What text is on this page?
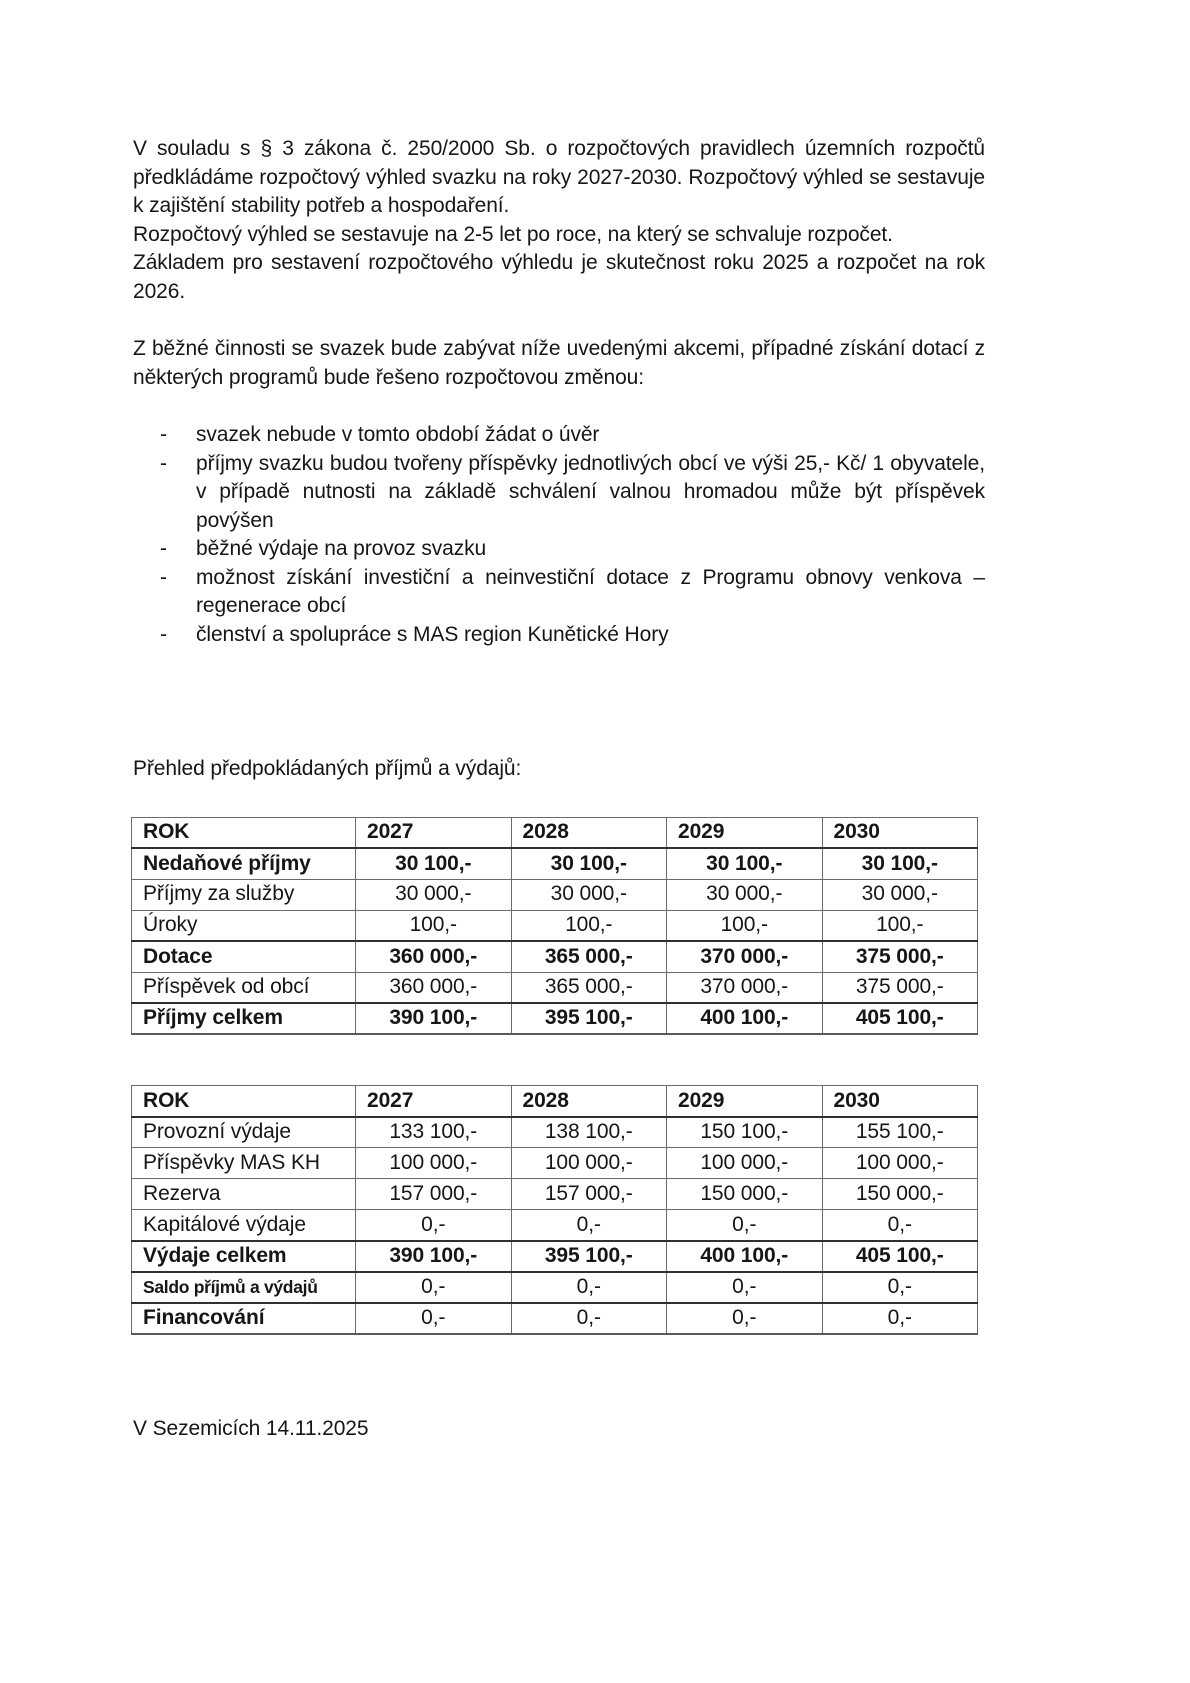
V souladu s § 3 zákona č. 250/2000 Sb. o rozpočtových pravidlech územních rozpočtů předkládáme rozpočtový výhled svazku na roky 2027-2030. Rozpočtový výhled se sestavuje k zajištění stability potřeb a hospodaření.

Rozpočtový výhled se sestavuje na 2-5 let po roce, na který se schvaluje rozpočet.

Základem pro sestavení rozpočtového výhledu je skutečnost roku 2025 a rozpočet na rok 2026.

Z běžné činnosti se svazek bude zabývat níže uvedenými akcemi, případné získání dotací z některých programů bude řešeno rozpočtovou změnou:

-	svazek nebude v tomto období žádat o úvěr
-	příjmy svazku budou tvořeny příspěvky jednotlivých obcí ve výši 25,- Kč/ 1 obyvatele, v případě nutnosti na základě schválení valnou hromadou může být příspěvek povýšen
-	běžné výdaje na provoz svazku
-	možnost získání investiční a neinvestiční dotace z Programu obnovy venkova – regenerace obcí
-	členství a spolupráce s MAS region Kunětické Hory

Přehled předpokládaných příjmů a výdajů:

ROK	2027	2028	2029	2030
Nedaňové příjmy	30 100,-	30 100,-	30 100,-	30 100,-
Příjmy za služby	30 000,-	30 000,-	30 000,-	30 000,-
Úroky	100,-	100,-	100,-	100,-
Dotace	360 000,-	365 000,-	370 000,-	375 000,-
Příspěvek od obcí	360 000,-	365 000,-	370 000,-	375 000,-
Příjmy celkem	390 100,-	395 100,-	400 100,-	405 100,-
ROK	2027	2028	2029	2030
Provozní výdaje	133 100,-	138 100,-	150 100,-	155 100,-
Příspěvky MAS KH	100 000,-	100 000,-	100 000,-	100 000,-
Rezerva	157 000,-	157 000,-	150 000,-	150 000,-
Kapitálové výdaje	0,-	0,-	0,-	0,-
Výdaje celkem	390 100,-	395 100,-	400 100,-	405 100,-
Saldo příjmů a výdajů	0,-	0,-	0,-	0,-
Financování	0,-	0,-	0,-	0,-

V Sezemicích 14.11.2025
